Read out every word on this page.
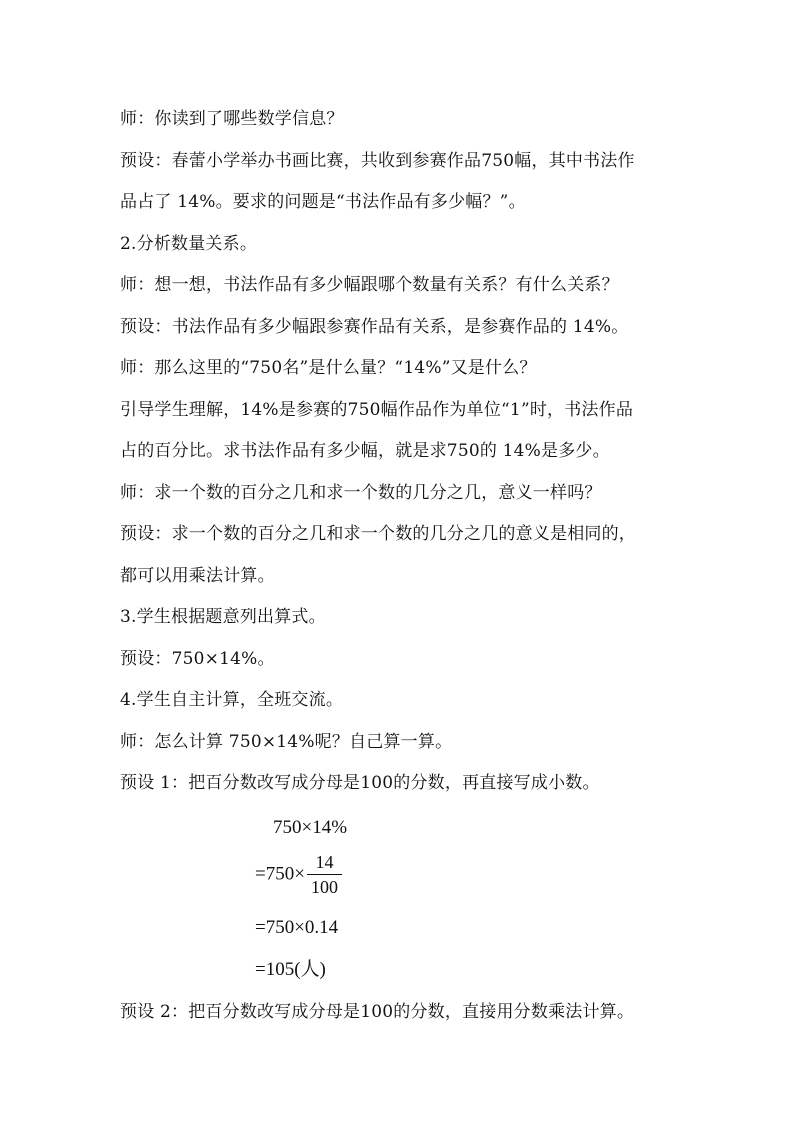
师：你读到了哪些数学信息？
预设：春蕾小学举办书画比赛，共收到参赛作品750幅，其中书法作
品占了 14%。要求的问题是“书法作品有多少幅？”。
2.分析数量关系。
师：想一想，书法作品有多少幅跟哪个数量有关系？有什么关系？
预设：书法作品有多少幅跟参赛作品有关系，是参赛作品的 14%。
师：那么这里的“750名”是什么量？“14%”又是什么？
引导学生理解，14%是参赛的750幅作品作为单位“1”时，书法作品
占的百分比。求书法作品有多少幅，就是求750的 14%是多少。
师：求一个数的百分之几和求一个数的几分之几，意义一样吗？
预设：求一个数的百分之几和求一个数的几分之几的意义是相同的，
都可以用乘法计算。
3.学生根据题意列出算式。
预设：750×14%。
4.学生自主计算，全班交流。
师：怎么计算 750×14%呢？自己算一算。
预设 1：把百分数改写成分母是100的分数，再直接写成小数。
750×14%
$=750\times \frac{14}{100}$
=750×0.14
=105(人)
预设 2：把百分数改写成分母是100的分数，直接用分数乘法计算。
